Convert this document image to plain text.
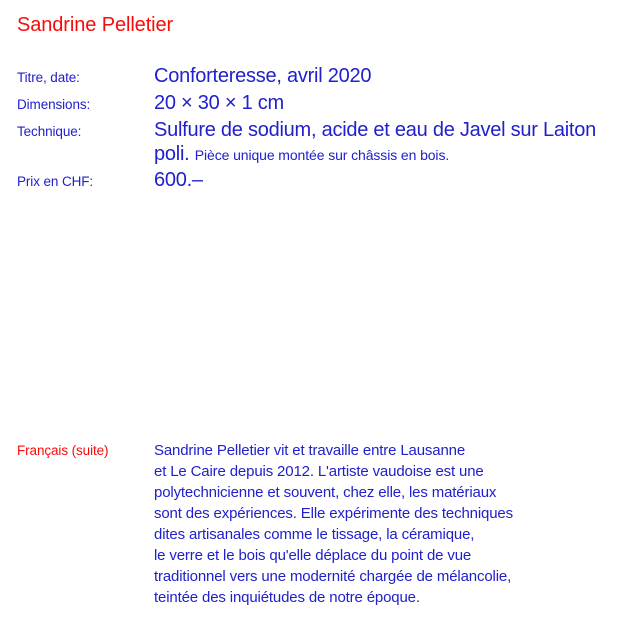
Sandrine Pelletier
Titre, date:	Conforteresse, avril 2020
Dimensions:	20 × 30 × 1 cm
Technique:	Sulfure de sodium, acide et eau de Javel sur Laiton poli. Pièce unique montée sur châssis en bois.
Prix en CHF:	600.–
Français (suite)	Sandrine Pelletier vit et travaille entre Lausanne
et Le Caire depuis 2012. L'artiste vaudoise est une
polytechnicienne et souvent, chez elle, les matériaux
sont des expériences. Elle expérimente des techniques
dites artisanales comme le tissage, la céramique,
le verre et le bois qu'elle déplace du point de vue
traditionnel vers une modernité chargée de mélancolie,
teintée des inquiétudes de notre époque.
